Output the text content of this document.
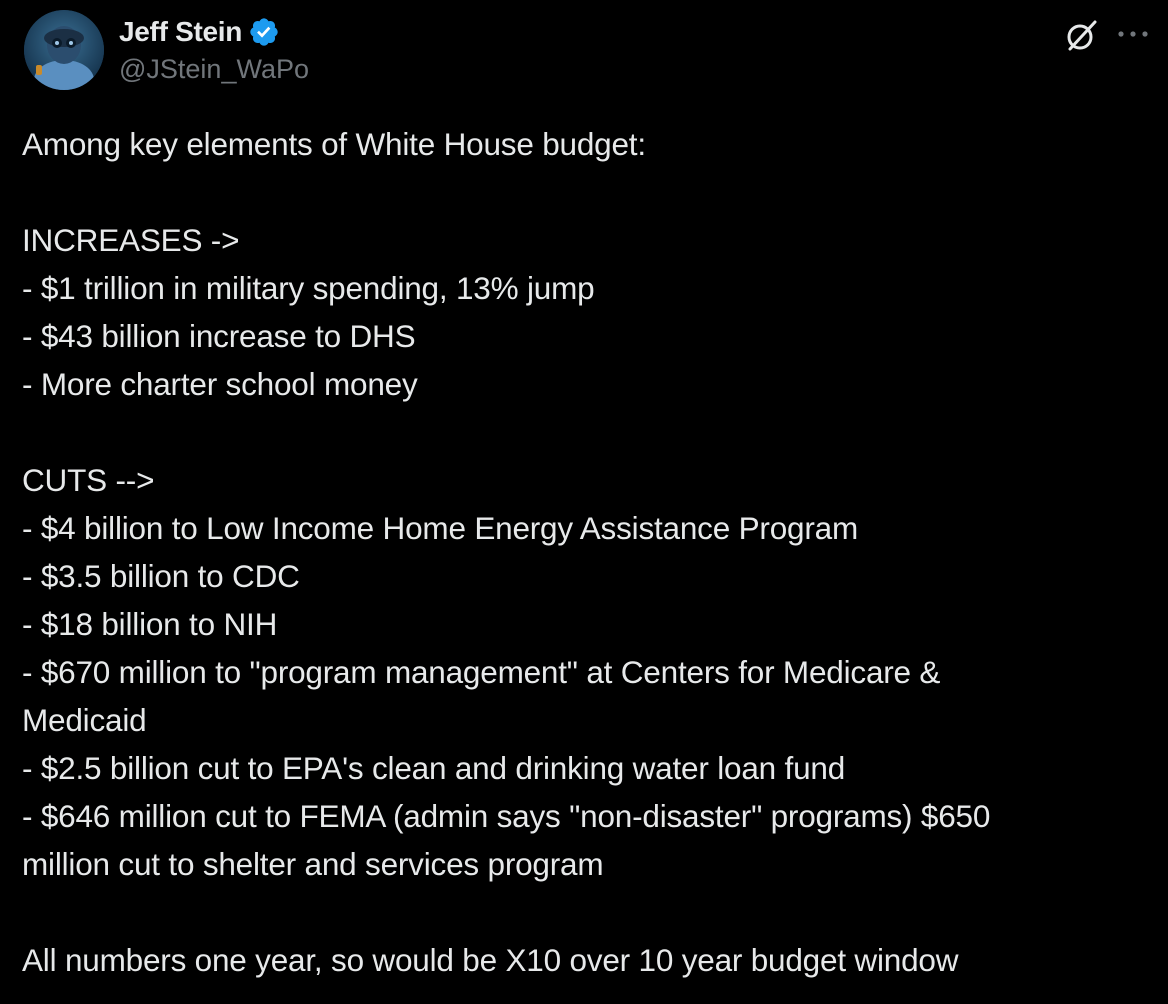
Jeff Stein
@JStein_WaPo
Among key elements of White House budget:
INCREASES ->
- $1 trillion in military spending, 13% jump
- $43 billion increase to DHS
- More charter school money
CUTS -->
- $4 billion to Low Income Home Energy Assistance Program
- $3.5 billion to CDC
- $18 billion to NIH
- $670 million to "program management" at Centers for Medicare &
Medicaid
- $2.5 billion cut to EPA's clean and drinking water loan fund
- $646 million cut to FEMA (admin says "non-disaster" programs) $650
million cut to shelter and services program
All numbers one year, so would be X10 over 10 year budget window
